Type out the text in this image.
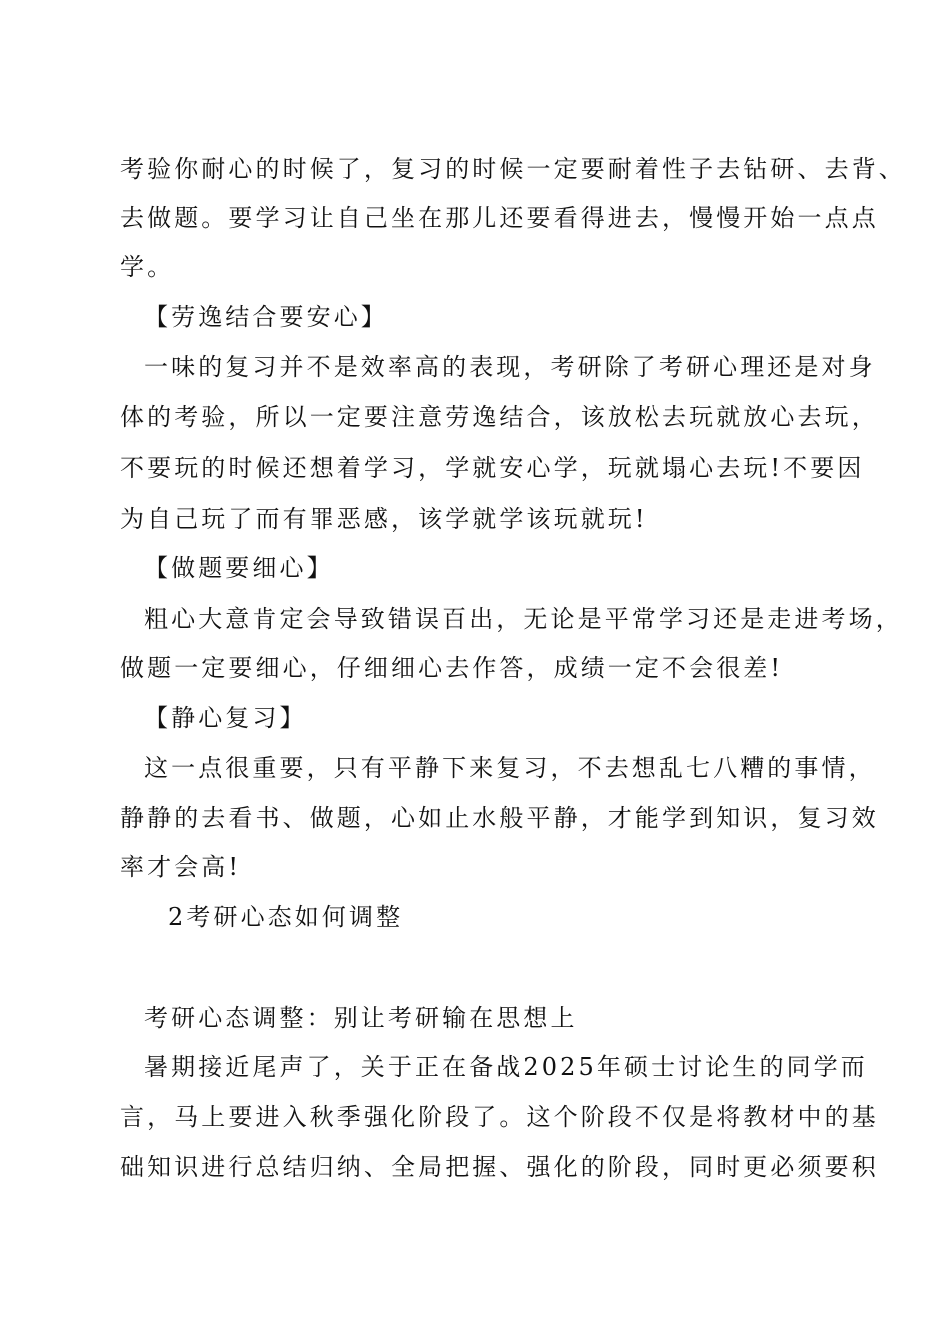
考验你耐心的时候了，复习的时候一定要耐着性子去钻研、去背、
去做题。要学习让自己坐在那儿还要看得进去，慢慢开始一点点
学。
【劳逸结合要安心】
一味的复习并不是效率高的表现，考研除了考研心理还是对身
体的考验，所以一定要注意劳逸结合，该放松去玩就放心去玩，
不要玩的时候还想着学习，学就安心学，玩就塌心去玩!不要因
为自己玩了而有罪恶感，该学就学该玩就玩!
【做题要细心】
粗心大意肯定会导致错误百出，无论是平常学习还是走进考场，
做题一定要细心，仔细细心去作答，成绩一定不会很差!
【静心复习】
这一点很重要，只有平静下来复习，不去想乱七八糟的事情，
静静的去看书、做题，心如止水般平静，才能学到知识，复习效
率才会高!
2考研心态如何调整
考研心态调整：别让考研输在思想上
暑期接近尾声了，关于正在备战2025年硕士讨论生的同学而
言，马上要进入秋季强化阶段了。这个阶段不仅是将教材中的基
础知识进行总结归纳、全局把握、强化的阶段，同时更必须要积
